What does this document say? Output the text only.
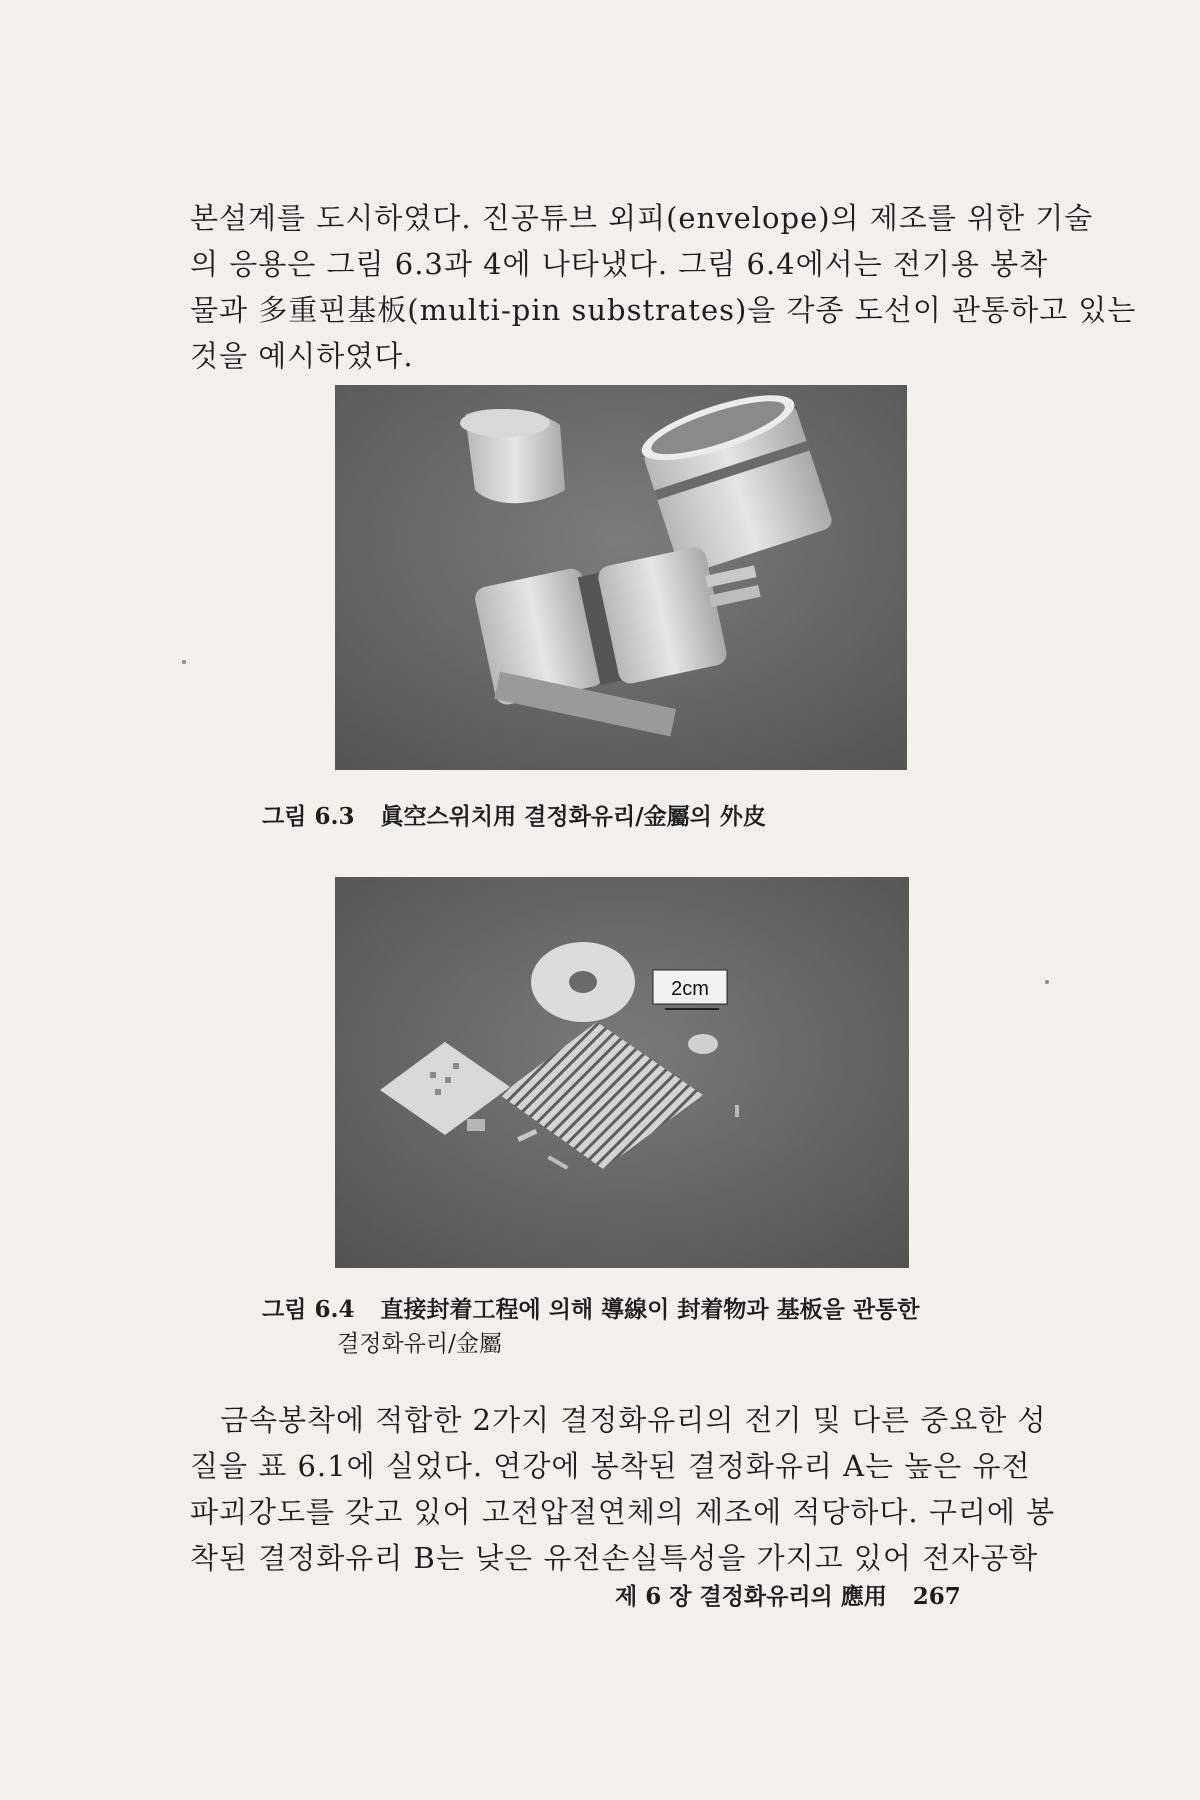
본설계를 도시하였다. 진공튜브 외피(envelope)의 제조를 위한 기술
의 응용은 그림 6.3과 4에 나타냈다. 그림 6.4에서는 전기용 봉착
물과 多重핀基板(multi-pin substrates)을 각종 도선이 관통하고 있는
것을 예시하였다.
그림 6.3 眞空스위치用 결정화유리/金屬의 外皮
2cm
그림 6.4 直接封着工程에 의해 導線이 封着物과 基板을 관통한
결정화유리/金屬
금속봉착에 적합한 2가지 결정화유리의 전기 및 다른 중요한 성
질을 표 6.1에 실었다. 연강에 봉착된 결정화유리 A는 높은 유전
파괴강도를 갖고 있어 고전압절연체의 제조에 적당하다. 구리에 봉
착된 결정화유리 B는 낮은 유전손실특성을 가지고 있어 전자공학
제 6 장 결정화유리의 應用 267
